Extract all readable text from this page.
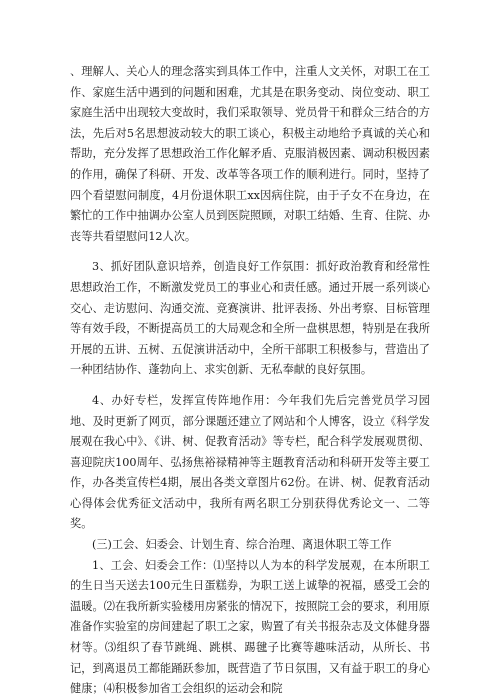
、理解人、关心人的理念落实到具体工作中，注重人文关怀，对职工在工作、家庭生活中遇到的问题和困难，尤其是在职务变动、岗位变动、职工家庭生活中出现较大变故时，我们采取领导、党员骨干和群众三结合的方法，先后对5名思想波动较大的职工谈心，积极主动地给予真诚的关心和帮助，充分发挥了思想政治工作化解矛盾、克服消极因素、调动积极因素的作用，确保了科研、开发、改革等各项工作的顺利进行。同时，坚持了四个看望慰问制度，4月份退休职工xx因病住院，由于子女不在身边，在繁忙的工作中抽调办公室人员到医院照顾，对职工结婚、生育、住院、办丧等共看望慰问12人次。

3、抓好团队意识培养，创造良好工作氛围：抓好政治教育和经常性思想政治工作，不断激发党员工的事业心和责任感。通过开展一系列谈心交心、走访慰问、沟通交流、竞赛演讲、批评表扬、外出考察、目标管理等有效手段，不断提高员工的大局观念和全所一盘棋思想，特别是在我所开展的五讲、五树、五促演讲活动中，全所干部职工积极参与，营造出了一种团结协作、蓬勃向上、求实创新、无私奉献的良好氛围。

4、办好专栏，发挥宣传阵地作用：今年我们先后完善党员学习园地、及时更新了网页，部分课题还建立了网站和个人博客，设立《科学发展观在我心中》、《讲、树、促教育活动》等专栏，配合科学发展观贯彻、喜迎院庆100周年、弘扬焦裕禄精神等主题教育活动和科研开发等主要工作，办各类宣传栏4期，展出各类文章图片62份。在讲、树、促教育活动心得体会优秀征文活动中，我所有两名职工分别获得优秀论文一、二等奖。

(三)工会、妇委会、计划生育、综合治理、离退休职工等工作

1、工会、妇委会工作：⑴坚持以人为本的科学发展观，在本所职工的生日当天送去100元生日蛋糕券，为职工送上诚挚的祝福，感受工会的温暖。⑵在我所新实验楼用房紧张的情况下，按照院工会的要求，利用原准备作实验室的房间建起了职工之家，购置了有关书报杂志及文体健身器材等。⑶组织了春节跳绳、跳棋、踢毽子比赛等趣味活动，从所长、书记，到离退员工都能踊跃参加，既营造了节日氛围，又有益于职工的身心健康；⑷积极参加省工会组织的运动会和院
